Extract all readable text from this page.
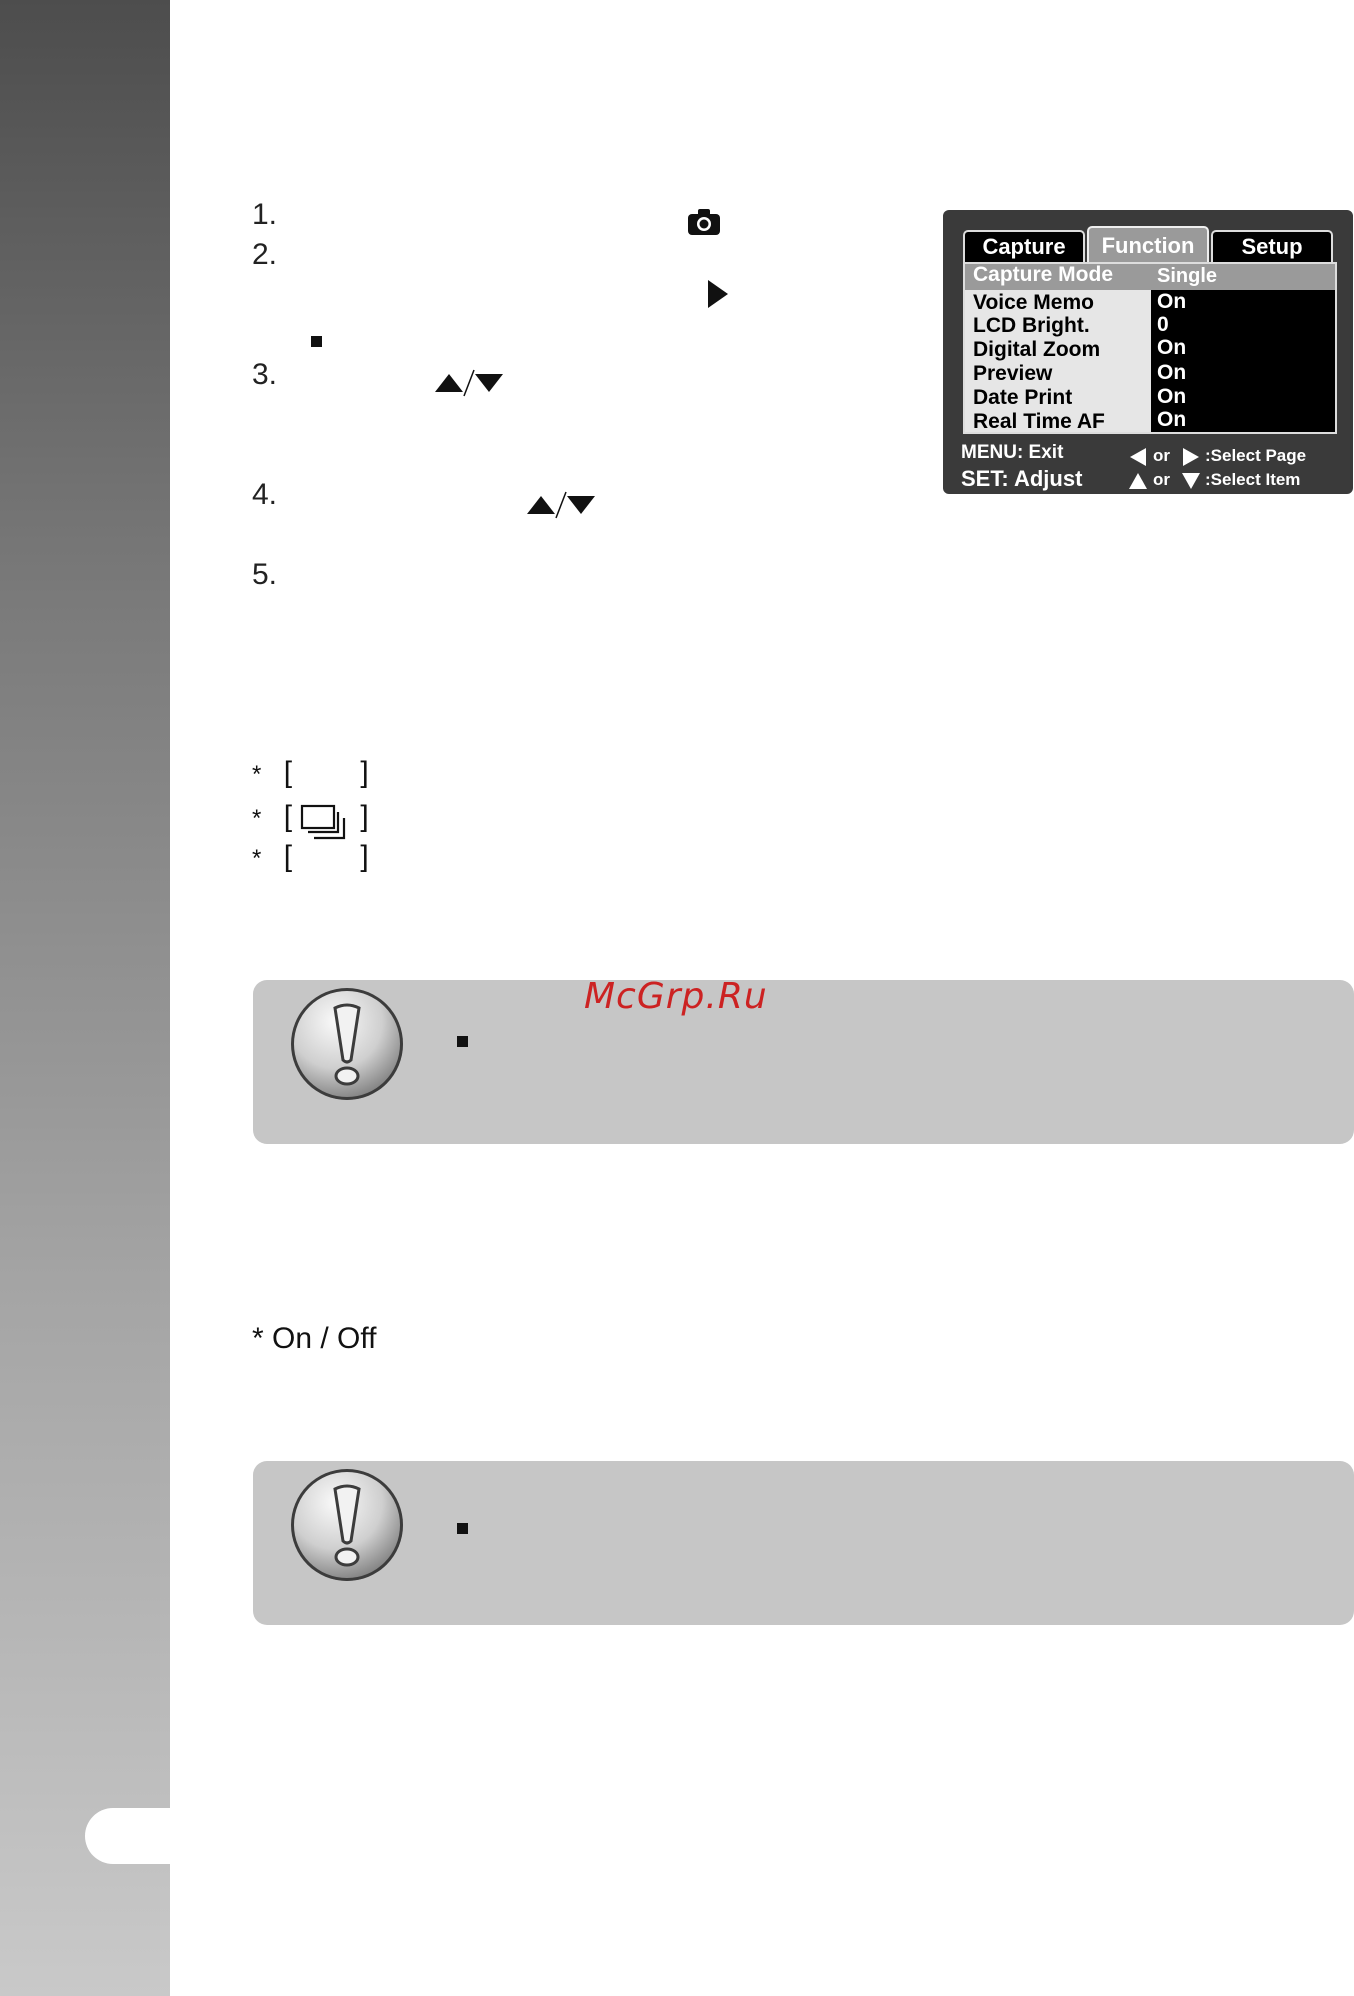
1.
2.
3.
4.
5.
Capture	Function	Setup
Capture Mode Single
Voice Memo	On
LCD Bright.	0
Digital Zoom	On
Preview	On
Date Print	On
Real Time AF On
MENU: Exit
SET: Adjust
or :Select Page
or :Select Item
* [ ]
* [ ]
* [ ]
McGrp.Ru
* On / Off
